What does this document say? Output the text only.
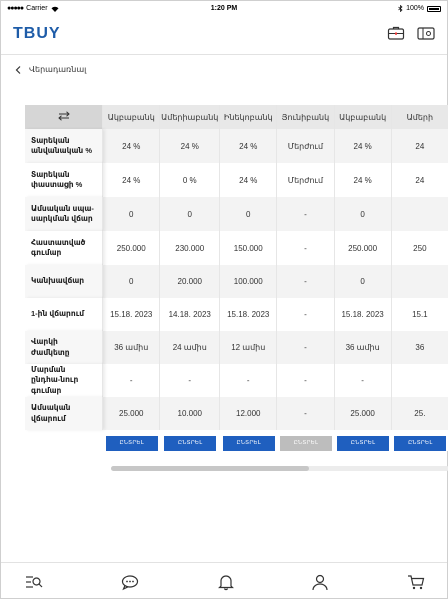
●●●●● Carrier	1:20 PM	100%
TBUY
Վերադառնալ
	Ակբաբանկ	Ամերիաբանկ	Ինեկոբանկ	Յունիբանկ	Ակբաբանկ	Ամերի
Տարեկան անվանական %	24 %	24 %	24 %	Մերժում	24 %	24
Տարեկան փաստացի %	24 %	0 %	24 %	Մերժում	24 %	24
Ամսական սպա-սարկման վճար	0	0	0	-	0	
Հաստատված գումար	250.000	230.000	150.000	-	250.000	250
Կանխավճար	0	20.000	100.000	-	0	
1-ին վճարում	15.18. 2023	14.18. 2023	15.18. 2023	-	15.18. 2023	15.1
Վարկի ժամկետը	36 ամիս	24 ամիս	12 ամիս	-	36 ամիս	36
Մարման ընդհա-նուր գումար	-	-	-	-	-	
Ամսական վճարում	25.000	10.000	12.000	-	25.000	25.
	ԸՆՏՐԵԼ	ԸՆՏՐԵԼ	ԸՆՏՐԵԼ	ԸՆՏՐԵԼ	ԸՆՏՐԵԼ	ԸՆՏՐԵԼ
